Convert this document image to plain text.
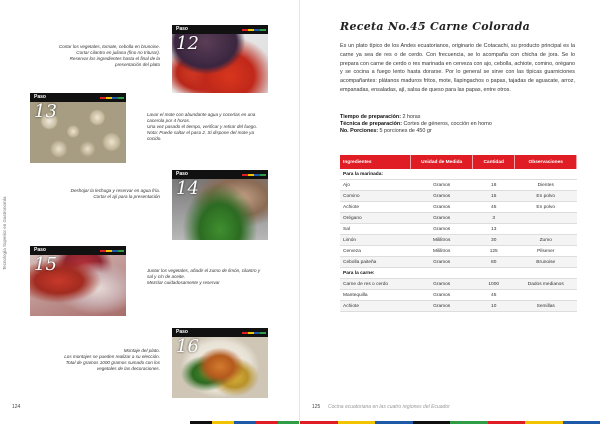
Tecnología Superior en Gastronomía
Paso
12
Cortar los vegetales, tomate, cebolla en brunoise.
Cortar cilantro en juliana (fino no triturar).
Reservar los ingredientes hasta el final de la
presentación del plato
Paso
13	Lavar el mote con abundante agua y cocerlas en una
cacerola por 4 horas.
Una vez pasado el tiempo, verificar y retirar del fuego.
Nota: Puede saltar el paso 2. Si dispone del mote ya
cocido.
Paso
14
Deshojar la lechuga y reservar en agua fría.
Cortar el ají para la presentación
Paso
15	Juntar los vegetales, añadir el zumo de limón, cilantro y
sal y c/n de aceite.
Mezclar cuidadosamente y reservar
Paso
16
Montaje del plato.
Los montajes se pueden realizar a su elección.
Total de gramos 1000 gramos sumado con los
vegetales de las decoraciones.
124
Receta No.45 Carne Colorada
Es un plato típico de los Andes ecuatorianos, originario de Cotacachi, su producto principal es la carne ya sea de res o de cerdo. Con frecuencia, se lo acompaña con chicha de jora. Se lo prepara con carne de cerdo o res marinada en cerveza con ajo, cebolla, achiote, comino, orégano y se cocina a fuego lento hasta dorarse. Por lo general se sirve con las típicas guarniciones acompañantes: plátanos maduros fritos, mote, llapingachos o papas, tajadas de aguacate, arroz, empanadas, ensaladas, ají, salsa de queso para las papas, entre otros.
Tiempo de preparación: 2 horas
Técnica de preparación: Cortes de géneros, cocción en horno
No. Porciones: 5 porciones de 450 gr
Ingredientes	Unidad de Medida	Cantidad	Observaciones
Para la marinada:			
Ajo	Gramos	18	Dientes
Comino	Gramos	15	En polvo
Achiote	Gramos	45	En polvo
Orégano	Gramos	3	
Sal	Gramos	13	
Limón	Mililitros	30	Zumo
Cerveza	Mililitros	125	Pilsener
Cebolla paiteña	Gramos	80	Brunoise
Para la carne:			
Carne de res o cerdo	Gramos	1000	Dados medianos
Mantequilla	Gramos	45	
Achiote	Gramos	10	Semillas
125 Cocina ecuatoriana en las cuatro regiones del Ecuador
